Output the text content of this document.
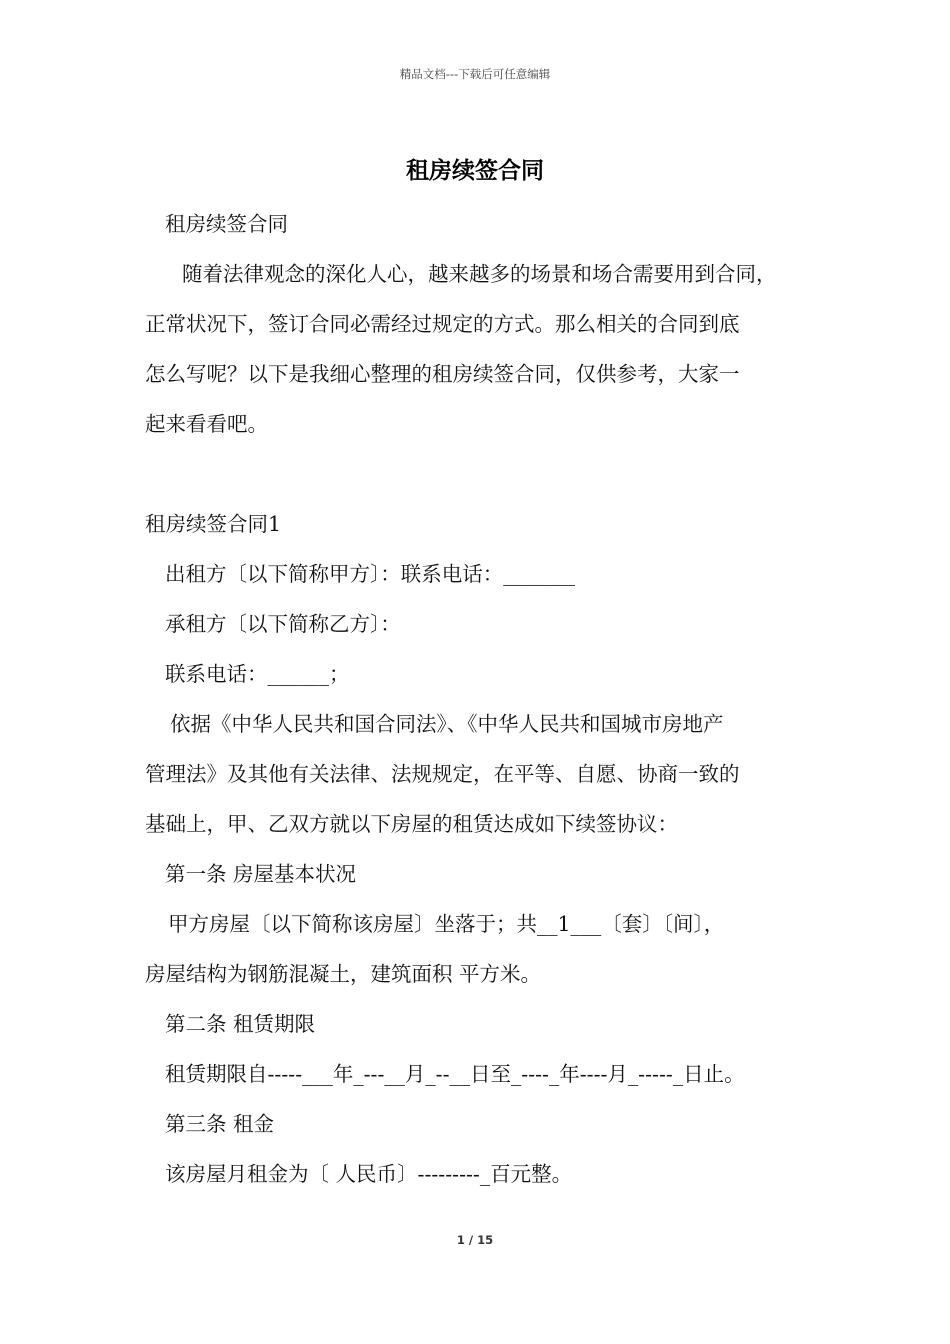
精品文档---下载后可任意编辑
租房续签合同
租房续签合同
随着法律观念的深化人心，越来越多的场景和场合需要用到合同，
正常状况下，签订合同必需经过规定的方式。那么相关的合同到底
怎么写呢？以下是我细心整理的租房续签合同，仅供参考，大家一
起来看看吧。
租房续签合同1
出租方〔以下简称甲方〕：联系电话：_______
承租方〔以下简称乙方〕：
联系电话：______；
依据《中华人民共和国合同法》、《中华人民共和国城市房地产
管理法》及其他有关法律、法规规定，在平等、自愿、协商一致的
基础上，甲、乙双方就以下房屋的租赁达成如下续签协议：
第一条 房屋基本状况
甲方房屋〔以下简称该房屋〕坐落于；共__1___〔套〕〔间〕，
房屋结构为钢筋混凝土，建筑面积 平方米。
第二条 租赁期限
租赁期限自-----___年_---__月_--__日至_----_年----月_-----_日止。
第三条 租金
该房屋月租金为〔 人民币〕---------_百元整。
1 / 15
